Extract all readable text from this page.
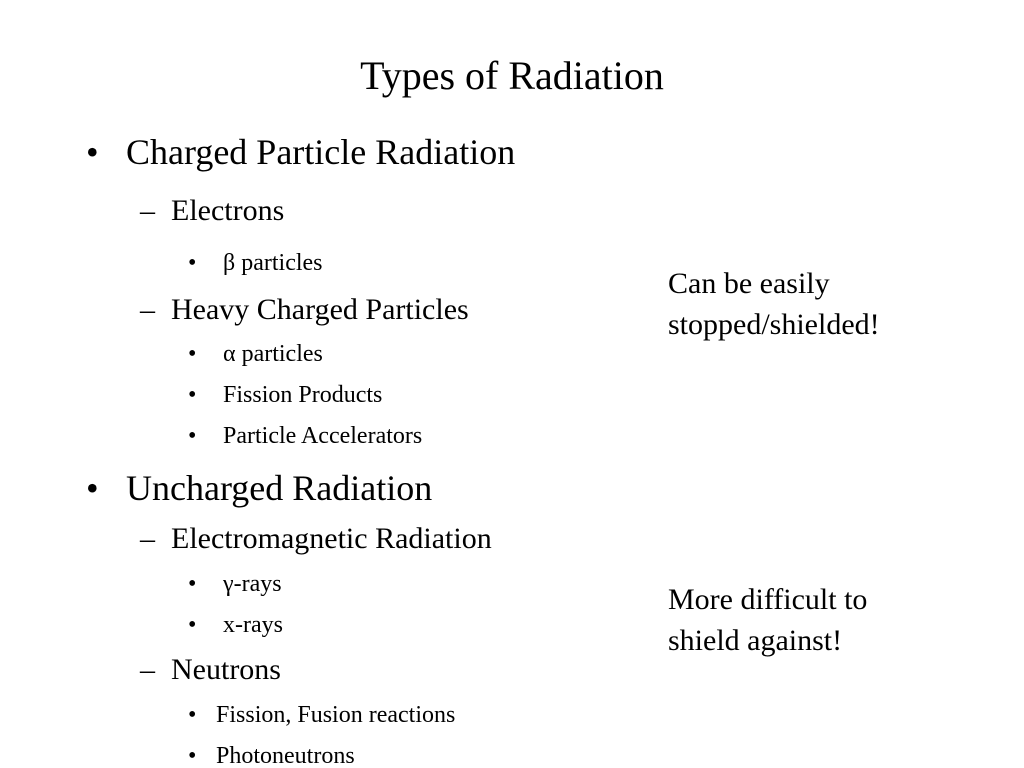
Types of Radiation
• Charged Particle Radiation
– Electrons
• β particles
– Heavy Charged Particles
• α particles
• Fission Products
• Particle Accelerators
• Uncharged Radiation
– Electromagnetic Radiation
• γ-rays
• x-rays
– Neutrons
• Fission, Fusion reactions
• Photoneutrons
Can be easily
stopped/shielded!
More difficult to
shield against!
